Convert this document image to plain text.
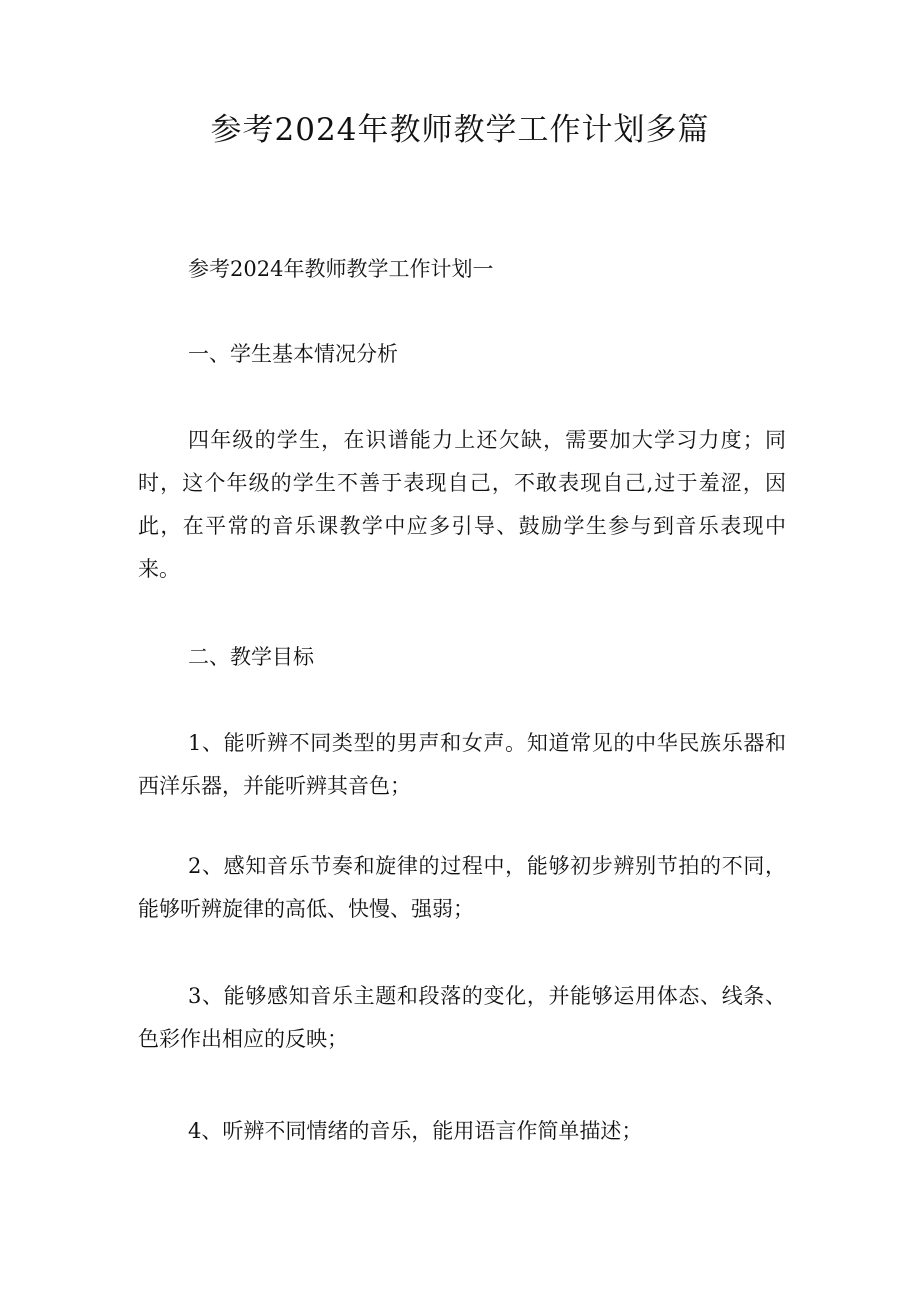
参考2024年教师教学工作计划多篇

参考2024年教师教学工作计划一

一、学生基本情况分析

四年级的学生，在识谱能力上还欠缺，需要加大学习力度；同时，这个年级的学生不善于表现自己，不敢表现自己,过于羞涩，因此，在平常的音乐课教学中应多引导、鼓励学生参与到音乐表现中来。

二、教学目标

1、能听辨不同类型的男声和女声。知道常见的中华民族乐器和西洋乐器，并能听辨其音色；

2、感知音乐节奏和旋律的过程中，能够初步辨别节拍的不同，能够听辨旋律的高低、快慢、强弱；

3、能够感知音乐主题和段落的变化，并能够运用体态、线条、色彩作出相应的反映；

4、听辨不同情绪的音乐，能用语言作简单描述；
